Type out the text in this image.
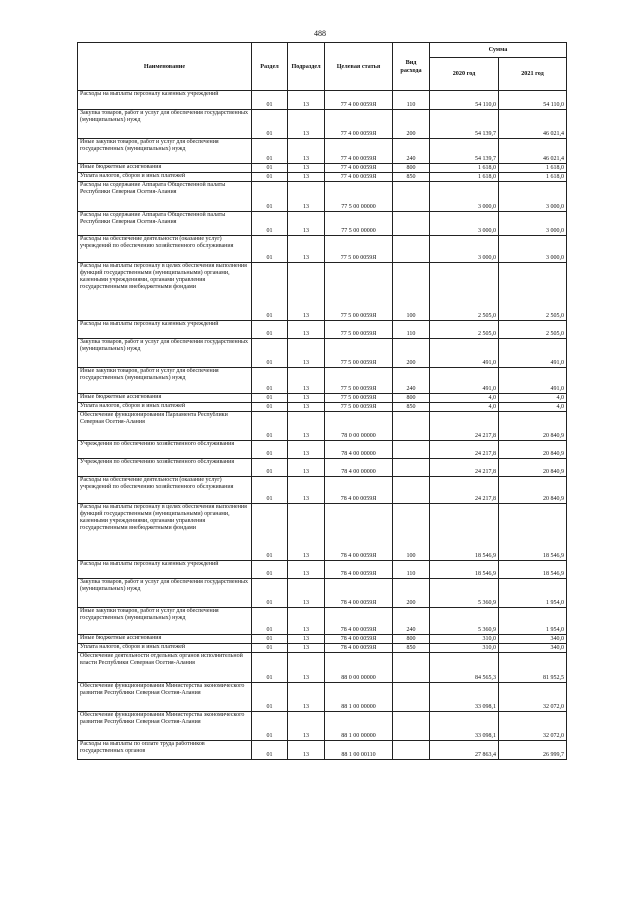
488
Наименование	Раздел	Подраздел	Целевая статья	Вид расхода	Сумма	
					2020 год	2021 год
Расходы на выплаты персоналу казенных учреждений	01	13	77 4 00 0059Я	110	54 110,0	54 110,0
Закупка товаров, работ и услуг для обеспечения государственных (муниципальных) нужд	01	13	77 4 00 0059Я	200	54 139,7	46 021,4
Иные закупки товаров, работ и услуг для обеспечения государственных (муниципальных) нужд	01	13	77 4 00 0059Я	240	54 139,7	46 021,4
Иные бюджетные ассигнования	01	13	77 4 00 0059Я	800	1 618,0	1 618,0
Уплата налогов, сборов и иных платежей	01	13	77 4 00 0059Я	850	1 618,0	1 618,0
Расходы на содержание Аппарата Общественной палаты Республики Северная Осетия-Алания	01	13	77 5 00 00000		3 000,0	3 000,0
Расходы на содержание Аппарата Общественной палаты Республики Северная Осетия-Алания	01	13	77 5 00 00000		3 000,0	3 000,0
Расходы на обеспечение деятельности (оказание услуг) учреждений по обеспечению хозяйственного обслуживания	01	13	77 5 00 0059Я		3 000,0	3 000,0
Расходы на выплаты персоналу в целях обеспечения выполнения функций государственными (муниципальными) органами, казенными учреждениями, органами управления государственными внебюджетными фондами	01	13	77 5 00 0059Я	100	2 505,0	2 505,0
Расходы на выплаты персоналу казенных учреждений	01	13	77 5 00 0059Я	110	2 505,0	2 505,0
Закупка товаров, работ и услуг для обеспечения государственных (муниципальных) нужд	01	13	77 5 00 0059Я	200	491,0	491,0
Иные закупки товаров, работ и услуг для обеспечения государственных (муниципальных) нужд	01	13	77 5 00 0059Я	240	491,0	491,0
Иные бюджетные ассигнования	01	13	77 5 00 0059Я	800	4,0	4,0
Уплата налогов, сборов и иных платежей	01	13	77 5 00 0059Я	850	4,0	4,0
Обеспечение функционирования Парламента Республики Северная Осетия-Алания	01	13	78 0 00 00000		24 217,8	20 840,9
Учреждения по обеспечению хозяйственного обслуживания	01	13	78 4 00 00000		24 217,8	20 840,9
Учреждения по обеспечению хозяйственного обслуживания	01	13	78 4 00 00000		24 217,8	20 840,9
Расходы на обеспечение деятельности (оказание услуг) учреждений по обеспечению хозяйственного обслуживания	01	13	78 4 00 0059Я		24 217,8	20 840,9
Расходы на выплаты персоналу в целях обеспечения выполнения функций государственными (муниципальными) органами, казенными учреждениями, органами управления государственными внебюджетными фондами	01	13	78 4 00 0059Я	100	18 546,9	18 546,9
Расходы на выплаты персоналу казенных учреждений	01	13	78 4 00 0059Я	110	18 546,9	18 546,9
Закупка товаров, работ и услуг для обеспечения государственных (муниципальных) нужд	01	13	78 4 00 0059Я	200	5 360,9	1 954,0
Иные закупки товаров, работ и услуг для обеспечения государственных (муниципальных) нужд	01	13	78 4 00 0059Я	240	5 360,9	1 954,0
Иные бюджетные ассигнования	01	13	78 4 00 0059Я	800	310,0	340,0
Уплата налогов, сборов и иных платежей	01	13	78 4 00 0059Я	850	310,0	340,0
Обеспечение деятельности отдельных органов исполнительной власти Республики Северная Осетия-Алания	01	13	88 0 00 00000		84 565,3	81 952,5
Обеспечение функционирования Министерства экономического развития Республики Северная Осетия-Алания	01	13	88 1 00 00000		33 098,1	32 072,0
Обеспечение функционирования Министерства экономического развития Республики Северная Осетия-Алания	01	13	88 1 00 00000		33 098,1	32 072,0
Расходы на выплаты по оплате труда работников государственных органов	01	13	88 1 00 00110		27 863,4	26 999,7
